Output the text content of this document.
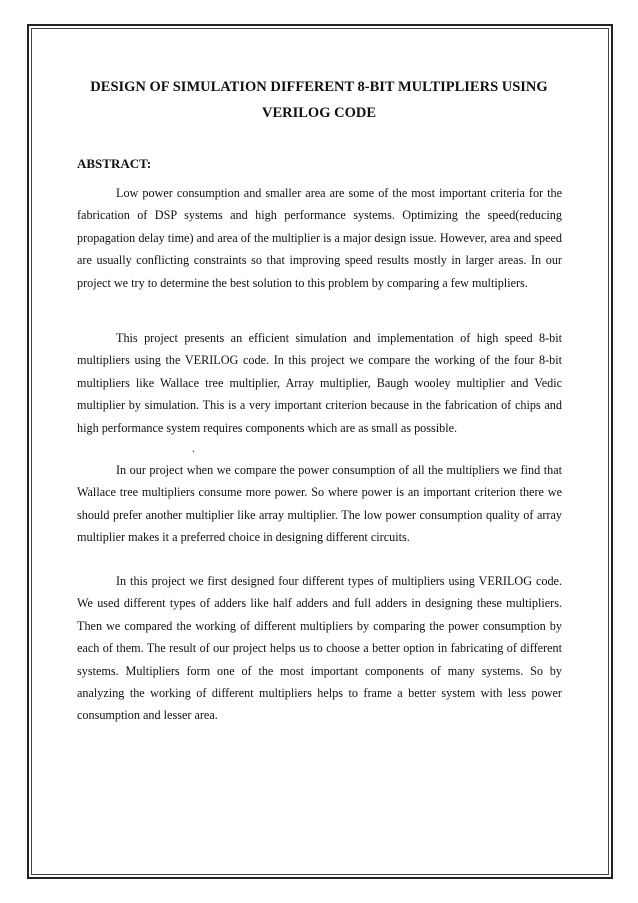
DESIGN OF SIMULATION DIFFERENT 8-BIT MULTIPLIERS USING
VERILOG CODE
ABSTRACT:

Low power consumption and smaller area are some of the most important criteria for the fabrication of DSP systems and high performance systems. Optimizing the speed(reducing propagation delay time) and area of the multiplier is a major design issue. However, area and speed are usually conflicting constraints so that improving speed results mostly in larger areas. In our project we try to determine the best solution to this problem by comparing a few multipliers.

This project presents an efficient simulation and implementation of high speed 8-bit multipliers using the VERILOG code. In this project we compare the working of the four 8-bit multipliers like Wallace tree multiplier, Array multiplier, Baugh wooley multiplier and Vedic multiplier by simulation. This is a very important criterion because in the fabrication of chips and high performance system requires components which are as small as possible.

.

In our project when we compare the power consumption of all the multipliers we find that Wallace tree multipliers consume more power. So where power is an important criterion there we should prefer another multiplier like array multiplier. The low power consumption quality of array multiplier makes it a preferred choice in designing different circuits.

In this project we first designed four different types of multipliers using VERILOG code. We used different types of adders like half adders and full adders in designing these multipliers. Then we compared the working of different multipliers by comparing the power consumption by each of them. The result of our project helps us to choose a better option in fabricating of different systems. Multipliers form one of the most important components of many systems. So by analyzing the working of different multipliers helps to frame a better system with less power consumption and lesser area.
